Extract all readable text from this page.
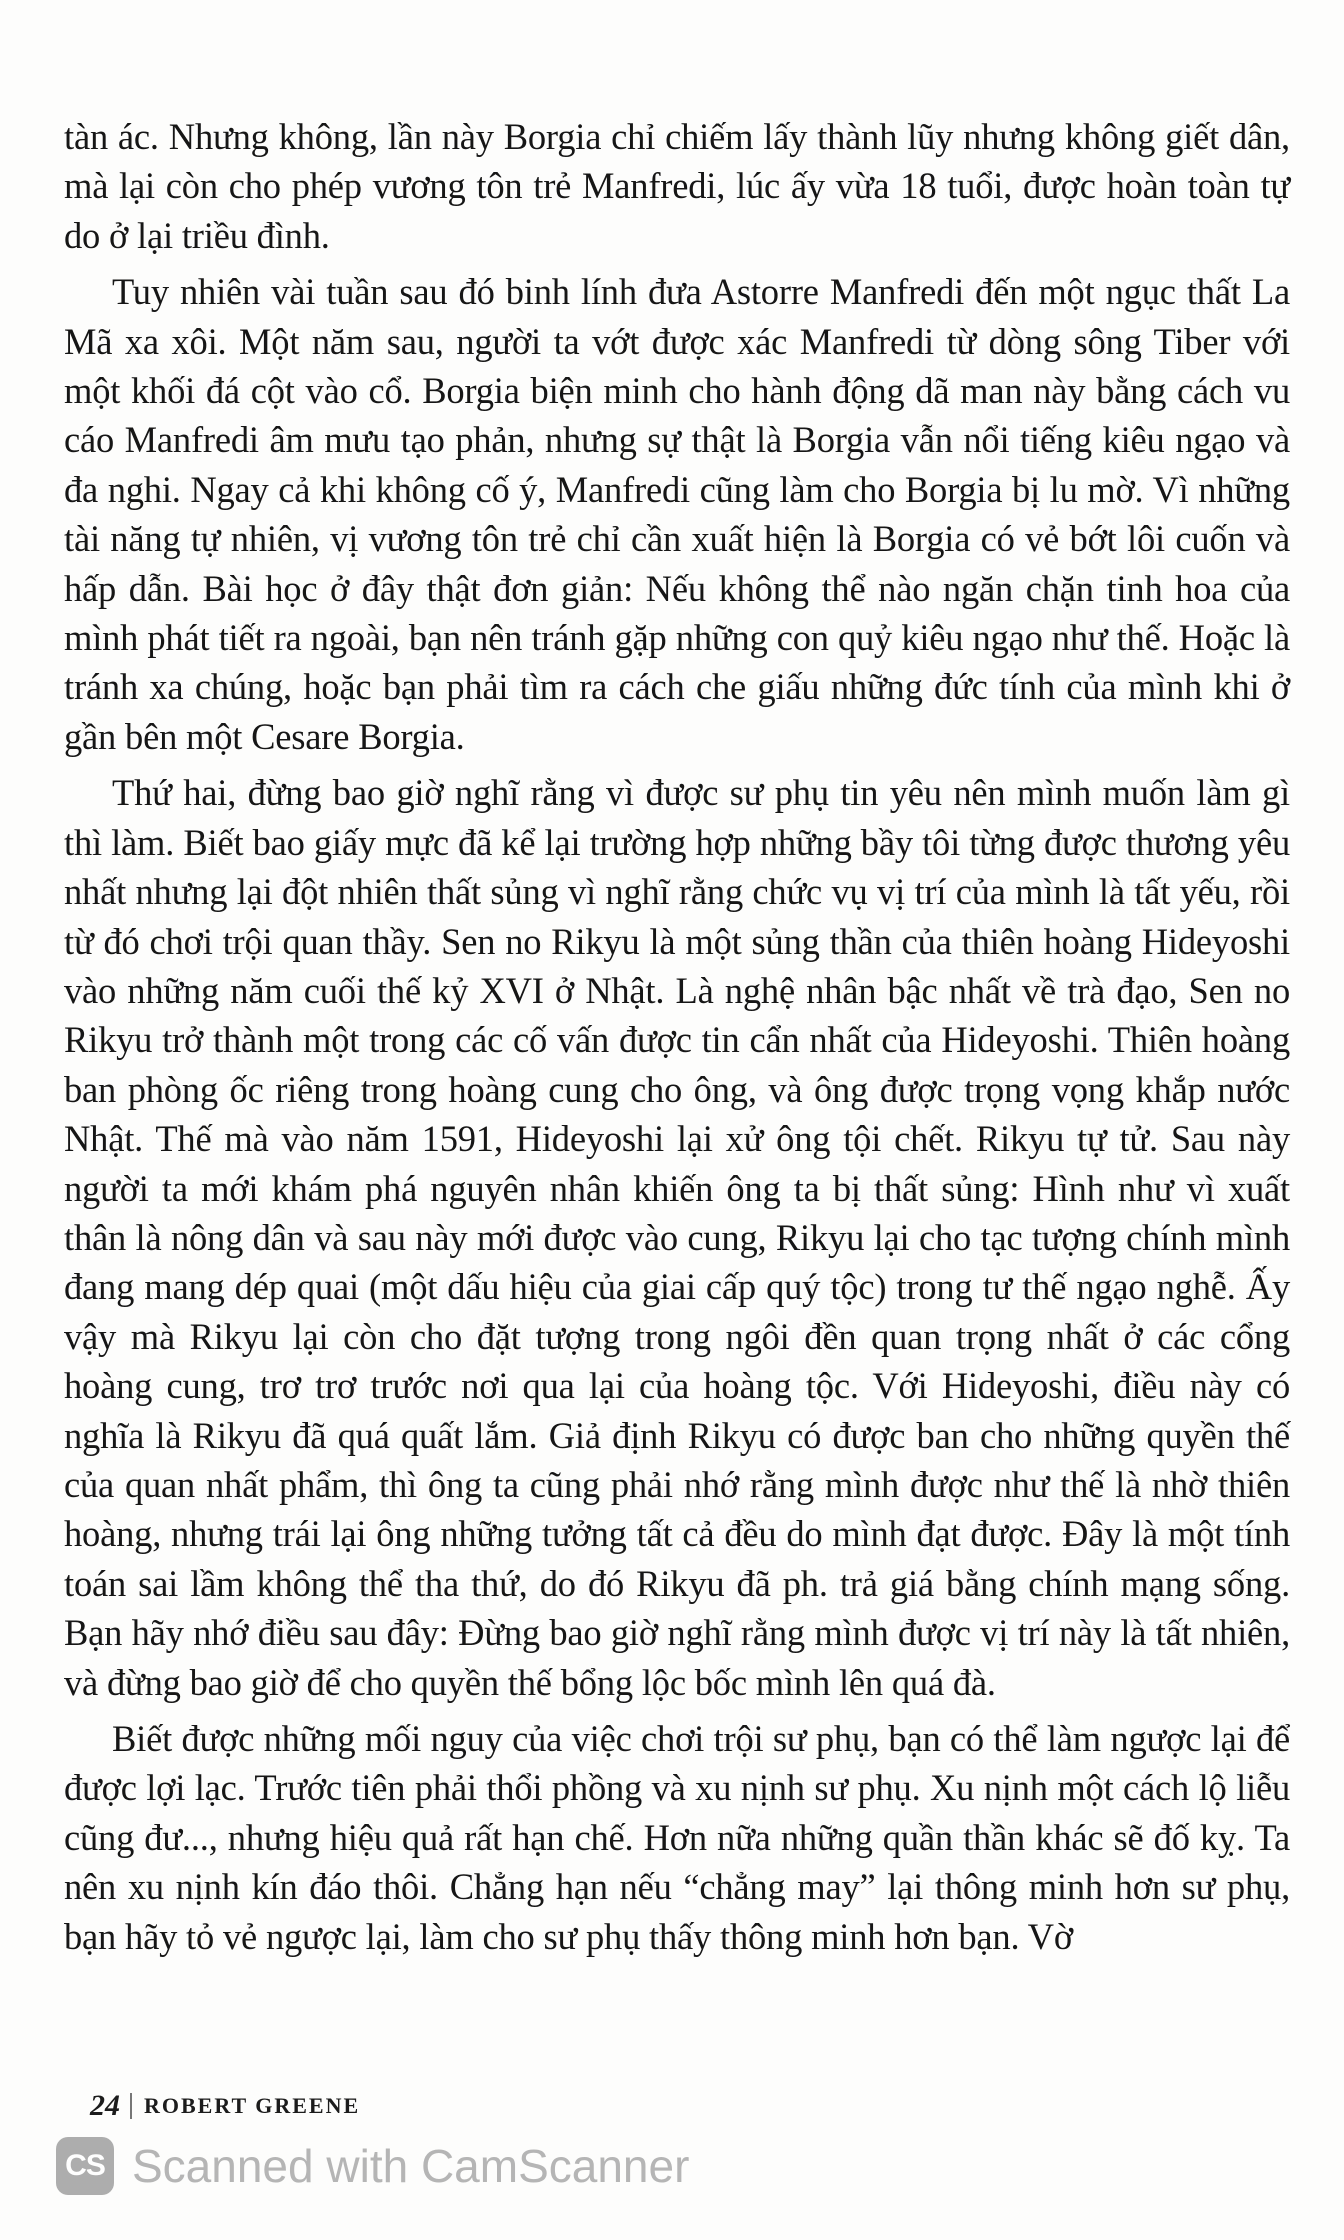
tàn ác. Nhưng không, lần này Borgia chỉ chiếm lấy thành lũy nhưng không giết dân, mà lại còn cho phép vương tôn trẻ Manfredi, lúc ấy vừa 18 tuổi, được hoàn toàn tự do ở lại triều đình.

Tuy nhiên vài tuần sau đó binh lính đưa Astorre Manfredi đến một ngục thất La Mã xa xôi. Một năm sau, người ta vớt được xác Manfredi từ dòng sông Tiber với một khối đá cột vào cổ. Borgia biện minh cho hành động dã man này bằng cách vu cáo Manfredi âm mưu tạo phản, nhưng sự thật là Borgia vẫn nổi tiếng kiêu ngạo và đa nghi. Ngay cả khi không cố ý, Manfredi cũng làm cho Borgia bị lu mờ. Vì những tài năng tự nhiên, vị vương tôn trẻ chỉ cần xuất hiện là Borgia có vẻ bớt lôi cuốn và hấp dẫn. Bài học ở đây thật đơn giản: Nếu không thể nào ngăn chặn tinh hoa của mình phát tiết ra ngoài, bạn nên tránh gặp những con quỷ kiêu ngạo như thế. Hoặc là tránh xa chúng, hoặc bạn phải tìm ra cách che giấu những đức tính của mình khi ở gần bên một Cesare Borgia.

Thứ hai, đừng bao giờ nghĩ rằng vì được sư phụ tin yêu nên mình muốn làm gì thì làm. Biết bao giấy mực đã kể lại trường hợp những bầy tôi từng được thương yêu nhất nhưng lại đột nhiên thất sủng vì nghĩ rằng chức vụ vị trí của mình là tất yếu, rồi từ đó chơi trội quan thầy. Sen no Rikyu là một sủng thần của thiên hoàng Hideyoshi vào những năm cuối thế kỷ XVI ở Nhật. Là nghệ nhân bậc nhất về trà đạo, Sen no Rikyu trở thành một trong các cố vấn được tin cẩn nhất của Hideyoshi. Thiên hoàng ban phòng ốc riêng trong hoàng cung cho ông, và ông được trọng vọng khắp nước Nhật. Thế mà vào năm 1591, Hideyoshi lại xử ông tội chết. Rikyu tự tử. Sau này người ta mới khám phá nguyên nhân khiến ông ta bị thất sủng: Hình như vì xuất thân là nông dân và sau này mới được vào cung, Rikyu lại cho tạc tượng chính mình đang mang dép quai (một dấu hiệu của giai cấp quý tộc) trong tư thế ngạo nghễ. Ấy vậy mà Rikyu lại còn cho đặt tượng trong ngôi đền quan trọng nhất ở các cổng hoàng cung, trơ trơ trước nơi qua lại của hoàng tộc. Với Hideyoshi, điều này có nghĩa là Rikyu đã quá quất lắm. Giả định Rikyu có được ban cho những quyền thế của quan nhất phẩm, thì ông ta cũng phải nhớ rằng mình được như thế là nhờ thiên hoàng, nhưng trái lại ông những tưởng tất cả đều do mình đạt được. Đây là một tính toán sai lầm không thể tha thứ, do đó Rikyu đã ph. trả giá bằng chính mạng sống. Bạn hãy nhớ điều sau đây: Đừng bao giờ nghĩ rằng mình được vị trí này là tất nhiên, và đừng bao giờ để cho quyền thế bổng lộc bốc mình lên quá đà.

Biết được những mối nguy của việc chơi trội sư phụ, bạn có thể làm ngược lại để được lợi lạc. Trước tiên phải thổi phồng và xu nịnh sư phụ. Xu nịnh một cách lộ liễu cũng đư..., nhưng hiệu quả rất hạn chế. Hơn nữa những quần thần khác sẽ đố kỵ. Ta nên xu nịnh kín đáo thôi. Chẳng hạn nếu “chẳng may” lại thông minh hơn sư phụ, bạn hãy tỏ vẻ ngược lại, làm cho sư phụ thấy thông minh hơn bạn. Vờ

24 ROBERT GREENE
CS Scanned with CamScanner
